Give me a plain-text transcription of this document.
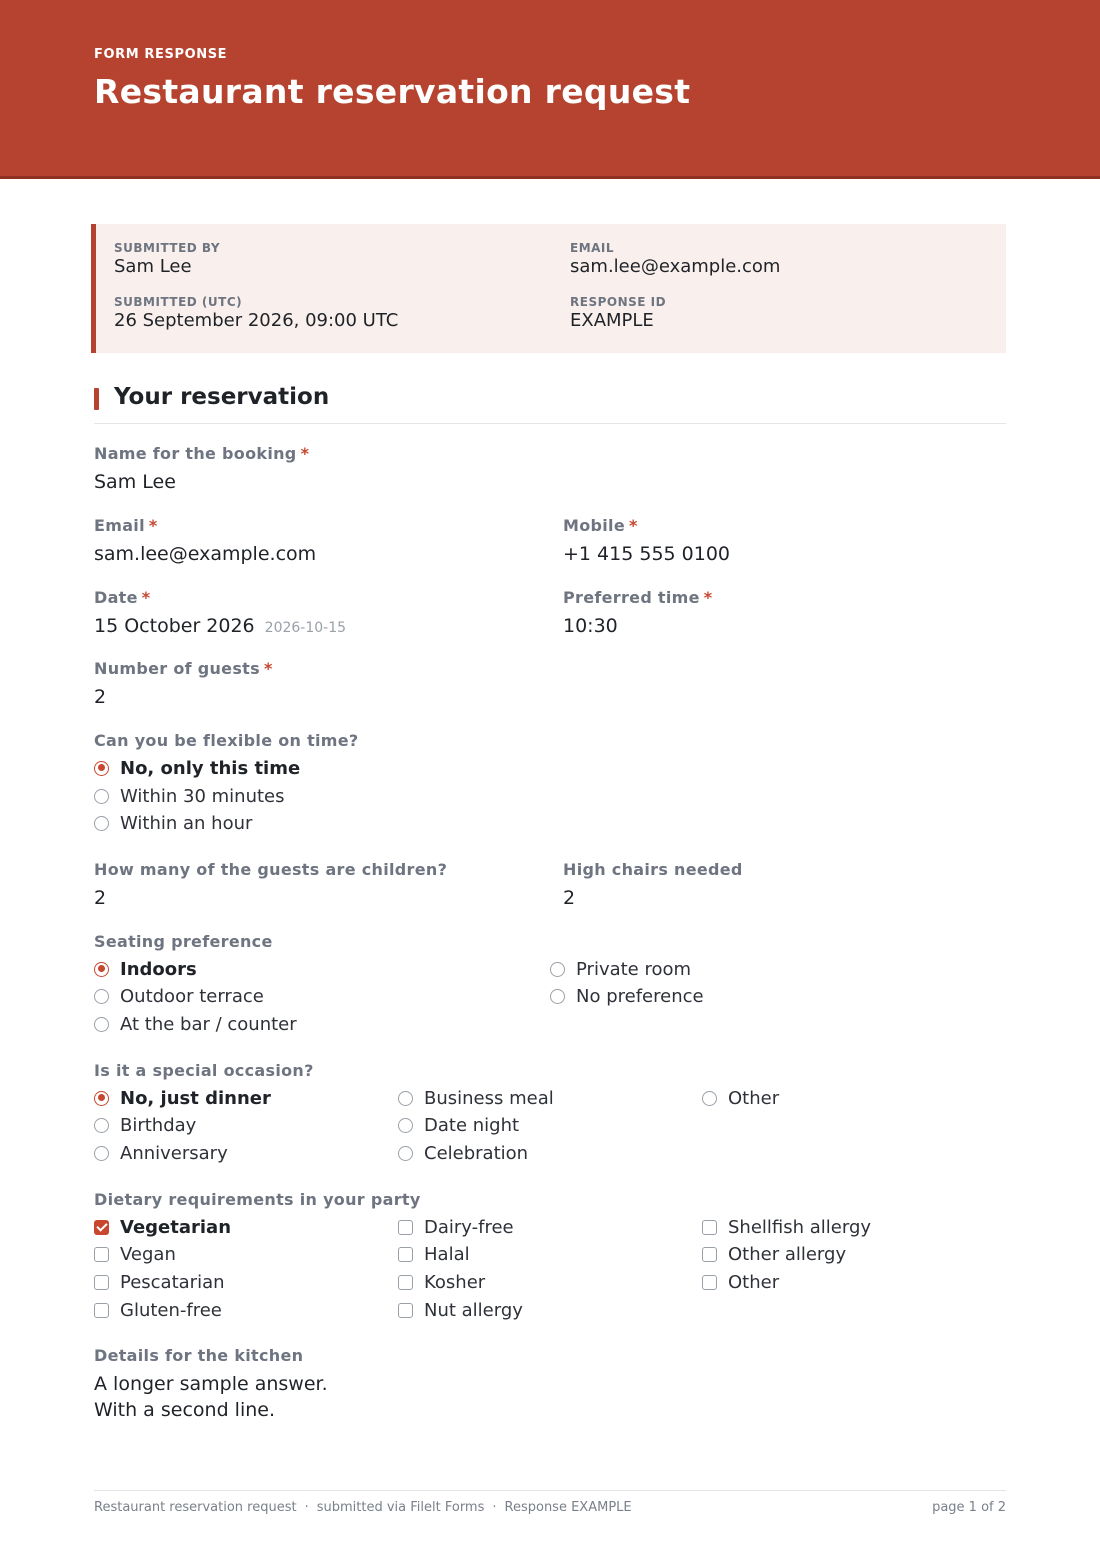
FORM RESPONSE
Restaurant reservation request
SUBMITTED BY
Sam Lee
EMAIL
sam.lee@example.com
SUBMITTED (UTC)
26 September 2026, 09:00 UTC
RESPONSE ID
EXAMPLE
Your reservation
Name for the booking *
Sam Lee
Email *
sam.lee@example.com
Mobile *
+1 415 555 0100
Date *
15 October 2026 2026-10-15
Preferred time *
10:30
Number of guests *
2
Can you be flexible on time?
No, only this time
Within 30 minutes
Within an hour
How many of the guests are children?
2
High chairs needed
2
Seating preference
Indoors
Outdoor terrace
At the bar / counter
Private room
No preference
Is it a special occasion?
No, just dinner
Birthday
Anniversary
Business meal
Date night
Celebration
Other
Dietary requirements in your party
Vegetarian
Vegan
Pescatarian
Gluten-free
Dairy-free
Halal
Kosher
Nut allergy
Shellfish allergy
Other allergy
Other
Details for the kitchen
A longer sample answer.
With a second line.
Restaurant reservation request · submitted via Filelt Forms · Response EXAMPLE	page 1 of 2
